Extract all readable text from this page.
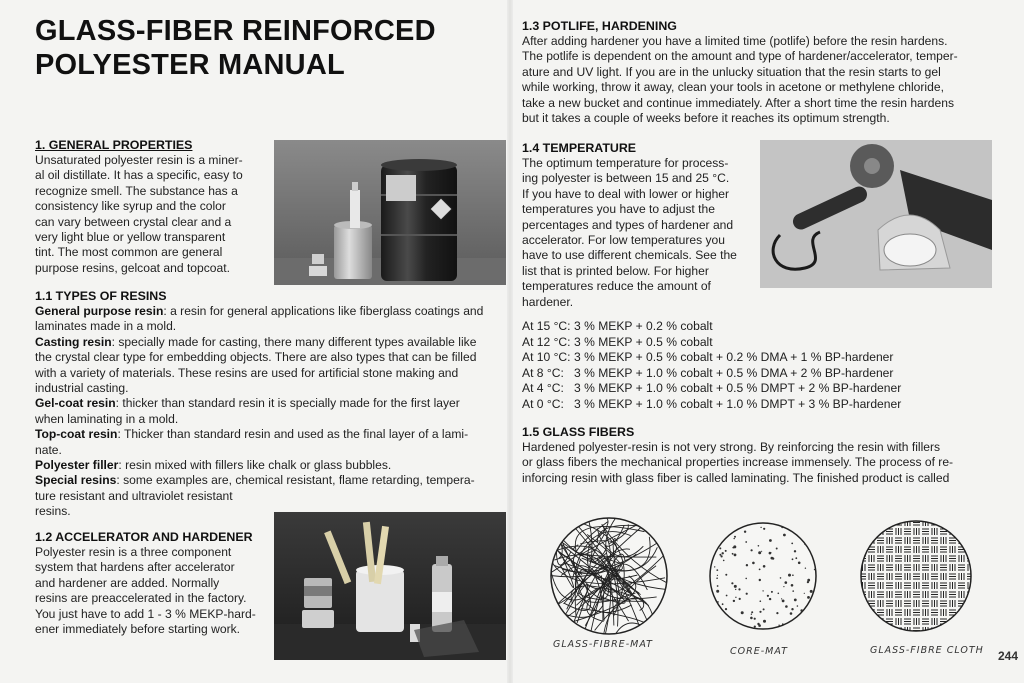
GLASS-FIBER REINFORCED
POLYESTER MANUAL

1. GENERAL PROPERTIES

Unsaturated polyester resin is a miner-
al oil distillate. It has a specific, easy to
recognize smell. The substance has a
consistency like syrup and the color
can vary between crystal clear and a
very light blue or yellow transparent
tint. The most common are general
purpose resins, gelcoat and topcoat.

1.1 TYPES OF RESINS

General purpose resin: a resin for general applications like fiberglass coatings and
laminates made in a mold.
Casting resin: specially made for casting, there many different types available like
the crystal clear type for embedding objects. There are also types that can be filled
with a variety of materials. These resins are used for artificial stone making and
industrial casting.
Gel-coat resin: thicker than standard resin it is specially made for the first layer
when laminating in a mold.
Top-coat resin: Thicker than standard resin and used as the final layer of a lami-
nate.
Polyester filler: resin mixed with fillers like chalk or glass bubbles.
Special resins: some examples are, chemical resistant, flame retarding, tempera-
ture resistant and ultraviolet resistant
resins.

1.2 ACCELERATOR AND HARDENER

Polyester resin is a three component
system that hardens after accelerator
and hardener are added. Normally
resins are preaccelerated in the factory.
You just have to add 1 - 3 % MEKP-hard-
ener immediately before starting work.

1.3 POTLIFE, HARDENING

After adding hardener you have a limited time (potlife) before the resin hardens.
The potlife is dependent on the amount and type of hardener/accelerator, temper-
ature and UV light. If you are in the unlucky situation that the resin starts to gel
while working, throw it away, clean your tools in acetone or methylene chloride,
take a new bucket and continue immediately. After a short time the resin hardens
but it takes a couple of weeks before it reaches its optimum strength.

1.4 TEMPERATURE

The optimum temperature for process-
ing polyester is between 15 and 25 °C.
If you have to deal with lower or higher
temperatures you have to adjust the
percentages and types of hardener and
accelerator. For low temperatures you
have to use different chemicals. See the
list that is printed below. For higher
temperatures reduce the amount of
hardener.

At 15 °C: 3 % MEKP + 0.2 % cobalt
At 12 °C: 3 % MEKP + 0.5 % cobalt
At 10 °C: 3 % MEKP + 0.5 % cobalt + 0.2 % DMA + 1 % BP-hardener
At 8 °C: 3 % MEKP + 1.0 % cobalt + 0.5 % DMA + 2 % BP-hardener
At 4 °C: 3 % MEKP + 1.0 % cobalt + 0.5 % DMPT + 2 % BP-hardener
At 0 °C: 3 % MEKP + 1.0 % cobalt + 1.0 % DMPT + 3 % BP-hardener

1.5 GLASS FIBERS

Hardened polyester-resin is not very strong. By reinforcing the resin with fillers
or glass fibers the mechanical properties increase immensely. The process of re-
inforcing resin with glass fiber is called laminating. The finished product is called

GLASS-FIBRE-MAT
CORE-MAT	GLASS-FIBRE CLOTH 244
